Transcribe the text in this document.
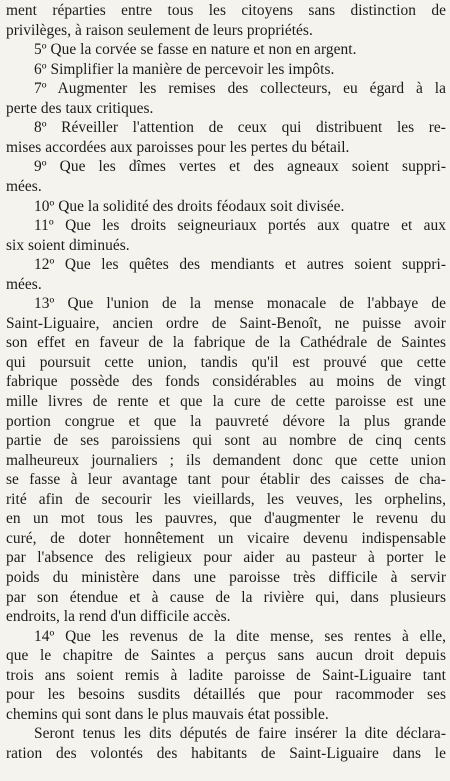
ment réparties entre tous les citoyens sans distinction de
privilèges, à raison seulement de leurs propriétés.
5º Que la corvée se fasse en nature et non en argent.
6º Simplifier la manière de percevoir les impôts.
7º Augmenter les remises des collecteurs, eu égard à la
perte des taux critiques.
8º Réveiller l'attention de ceux qui distribuent les re-
mises accordées aux paroisses pour les pertes du bétail.
9º Que les dîmes vertes et des agneaux soient suppri-
mées.
10º Que la solidité des droits féodaux soit divisée.
11º Que les droits seigneuriaux portés aux quatre et aux
six soient diminués.
12º Que les quêtes des mendiants et autres soient suppri-
mées.
13º Que l'union de la mense monacale de l'abbaye de
Saint-Liguaire, ancien ordre de Saint-Benoît, ne puisse avoir
son effet en faveur de la fabrique de la Cathédrale de Saintes
qui poursuit cette union, tandis qu'il est prouvé que cette
fabrique possède des fonds considérables au moins de vingt
mille livres de rente et que la cure de cette paroisse est une
portion congrue et que la pauvreté dévore la plus grande
partie de ses paroissiens qui sont au nombre de cinq cents
malheureux journaliers ; ils demandent donc que cette union
se fasse à leur avantage tant pour établir des caisses de cha-
rité afin de secourir les vieillards, les veuves, les orphelins,
en un mot tous les pauvres, que d'augmenter le revenu du
curé, de doter honnêtement un vicaire devenu indispensable
par l'absence des religieux pour aider au pasteur à porter le
poids du ministère dans une paroisse très difficile à servir
par son étendue et à cause de la rivière qui, dans plusieurs
endroits, la rend d'un difficile accès.
14º Que les revenus de la dite mense, ses rentes à elle,
que le chapitre de Saintes a perçus sans aucun droit depuis
trois ans soient remis à ladite paroisse de Saint-Liguaire tant
pour les besoins susdits détaillés que pour racommoder ses
chemins qui sont dans le plus mauvais état possible.
Seront tenus les dits députés de faire insérer la dite déclara-
ration des volontés des habitants de Saint-Liguaire dans le
